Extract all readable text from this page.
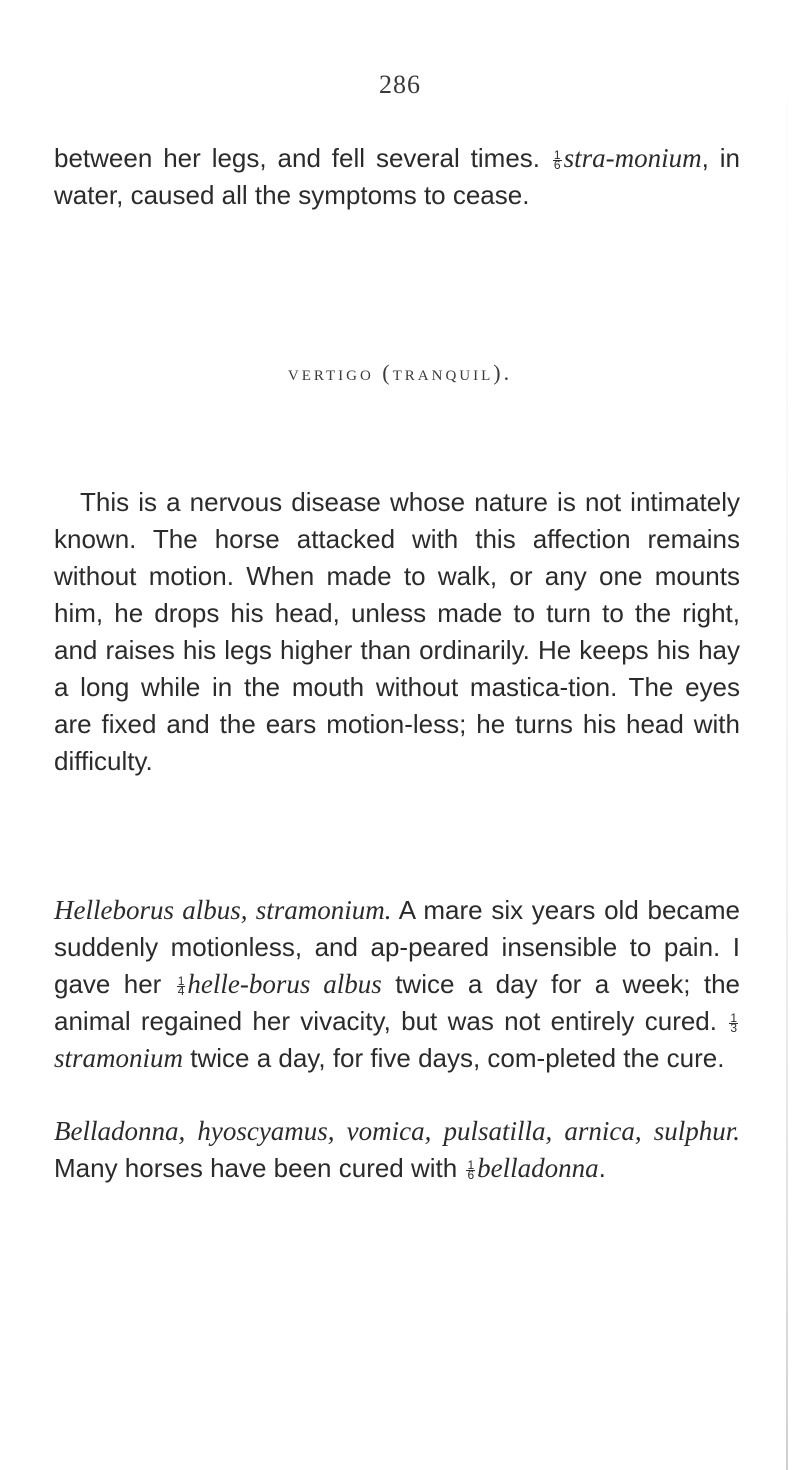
286
between her legs, and fell several times. $\frac{1}{6}$ stra-monium, in water, caused all the symptoms to cease.
vertigo (tranquil).
This is a nervous disease whose nature is not intimately known. The horse attacked with this affection remains without motion. When made to walk, or any one mounts him, he drops his head, unless made to turn to the right, and raises his legs higher than ordinarily. He keeps his hay a long while in the mouth without mastica-tion. The eyes are fixed and the ears motion-less; he turns his head with difficulty.
Helleborus albus, stramonium. A mare six years old became suddenly motionless, and ap-peared insensible to pain. I gave her $\frac{1}{4}$ helle-borus albus twice a day for a week; the animal regained her vivacity, but was not entirely cured. $\frac{1}{3}$
stramonium twice a day, for five days, com-pleted the cure.
Belladonna, hyoscyamus, vomica, pulsatilla, arnica, sulphur. Many horses have been cured with $\frac{1}{6}$ belladonna.
